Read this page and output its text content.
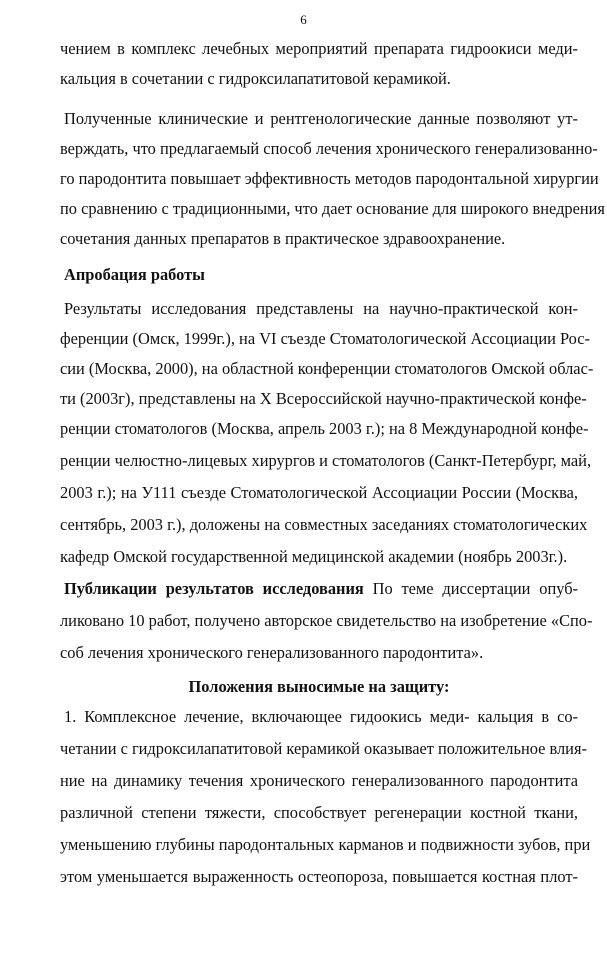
6
чением в комплекс лечебных мероприятий препарата гидроокиси меди-
кальция в сочетании с гидроксилапатитовой керамикой.
Полученные клинические и рентгенологические данные позволяют ут-
верждать, что предлагаемый способ лечения хронического генерализованно-
го пародонтита повышает эффективность методов пародонтальной хирургии
по сравнению с традиционными, что дает основание для широкого внедрения
сочетания данных препаратов в практическое здравоохранение.
Апробация работы
Результаты исследования представлены на научно-практической кон-
ференции (Омск, 1999г.), на VI съезде Стоматологической Ассоциации Рос-
сии (Москва, 2000), на областной конференции стоматологов Омской облас-
ти (2003г), представлены на X Всероссийской научно-практической конфе-
ренции стоматологов (Москва, апрель 2003 г.); на 8 Международной конфе-
ренции челюстно-лицевых хирургов и стоматологов (Санкт-Петербург, май,
2003 г.); на У111 съезде Стоматологической Ассоциации России (Москва,
сентябрь, 2003 г.), доложены на совместных заседаниях стоматологических
кафедр Омской государственной медицинской академии (ноябрь 2003г.).
Публикации результатов исследования По теме диссертации опуб-
ликовано 10 работ, получено авторское свидетельство на изобретение «Спо-
соб лечения хронического генерализованного пародонтита».
Положения выносимые на защиту:
1. Комплексное лечение, включающее гидоокись меди- кальция в со-
четании с гидроксилапатитовой керамикой оказывает положительное влия-
ние на динамику течения хронического генерализованного пародонтита
различной степени тяжести, способствует регенерации костной ткани,
уменьшению глубины пародонтальных карманов и подвижности зубов, при
этом уменьшается выраженность остеопороза, повышается костная плот-
